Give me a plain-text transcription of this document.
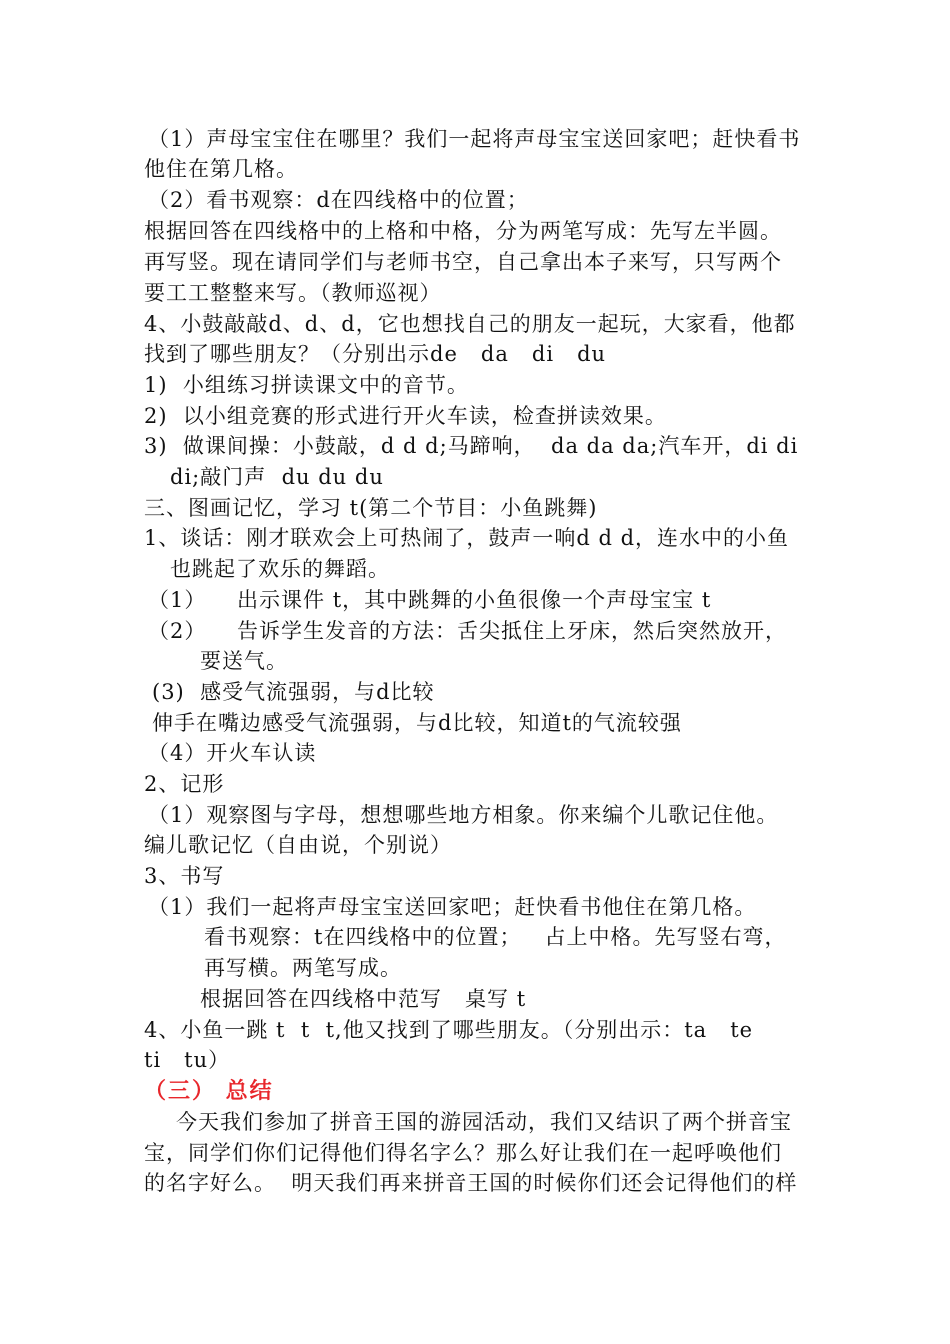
（1）声母宝宝住在哪里？我们一起将声母宝宝送回家吧；赶快看书
他住在第几格。
（2）看书观察：d在四线格中的位置；
根据回答在四线格中的上格和中格，分为两笔写成：先写左半圆。
再写竖。现在请同学们与老师书空，自己拿出本子来写，只写两个
要工工整整来写。（教师巡视）
4、小鼓敲敲d、d、d，它也想找自己的朋友一起玩，大家看，他都
找到了哪些朋友？（分别出示de   da   di   du
1)  小组练习拼读课文中的音节。
2)  以小组竞赛的形式进行开火车读，检查拼读效果。
3)  做课间操：小鼓敲，d d d;马蹄响，  da da da;汽车开，di di
di;敲门声  du du du
三、图画记忆，学习 t(第二个节目：小鱼跳舞)
1、谈话：刚才联欢会上可热闹了，鼓声一响d d d，连水中的小鱼
也跳起了欢乐的舞蹈。
（1）    出示课件 t，其中跳舞的小鱼很像一个声母宝宝 t
（2）    告诉学生发音的方法：舌尖抵住上牙床，然后突然放开，
要送气。
(3)  感受气流强弱，与d比较
伸手在嘴边感受气流强弱，与d比较，知道t的气流较强
（4）开火车认读
2、记形
（1）观察图与字母，想想哪些地方相象。你来编个儿歌记住他。
编儿歌记忆（自由说，个别说）
3、书写
（1）我们一起将声母宝宝送回家吧；赶快看书他住在第几格。
看书观察：t在四线格中的位置；   占上中格。先写竖右弯，
再写横。两笔写成。
根据回答在四线格中范写   桌写 t
4、小鱼一跳 t  t  t,他又找到了哪些朋友。（分别出示：ta   te
ti   tu）
（三） 总结
今天我们参加了拼音王国的游园活动，我们又结识了两个拼音宝
宝，同学们你们记得他们得名字么？那么好让我们在一起呼唤他们
的名字好么。  明天我们再来拼音王国的时候你们还会记得他们的样
